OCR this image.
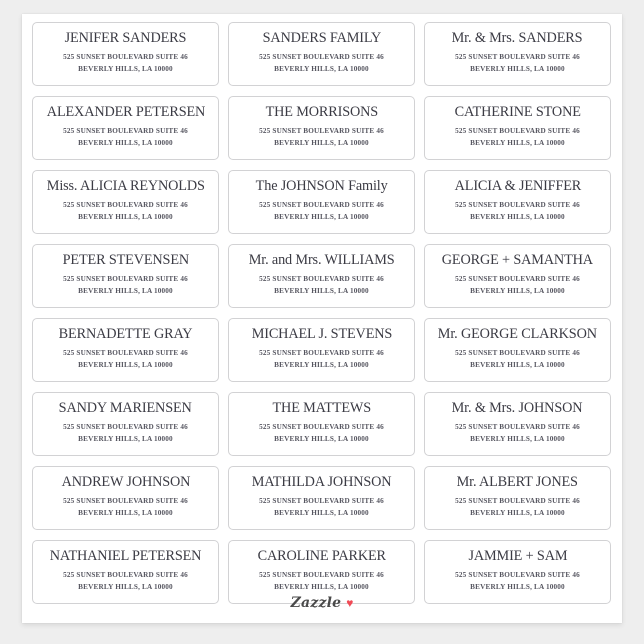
JENIFER SANDERS
525 SUNSET BOULEVARD SUITE 46
BEVERLY HILLS, LA 10000
SANDERS FAMILY
525 SUNSET BOULEVARD SUITE 46
BEVERLY HILLS, LA 10000
Mr. & Mrs. SANDERS
525 SUNSET BOULEVARD SUITE 46
BEVERLY HILLS, LA 10000
ALEXANDER PETERSEN
525 SUNSET BOULEVARD SUITE 46
BEVERLY HILLS, LA 10000
THE MORRISONS
525 SUNSET BOULEVARD SUITE 46
BEVERLY HILLS, LA 10000
CATHERINE STONE
525 SUNSET BOULEVARD SUITE 46
BEVERLY HILLS, LA 10000
Miss. ALICIA REYNOLDS
525 SUNSET BOULEVARD SUITE 46
BEVERLY HILLS, LA 10000
The JOHNSON Family
525 SUNSET BOULEVARD SUITE 46
BEVERLY HILLS, LA 10000
ALICIA & JENIFFER
525 SUNSET BOULEVARD SUITE 46
BEVERLY HILLS, LA 10000
PETER STEVENSEN
525 SUNSET BOULEVARD SUITE 46
BEVERLY HILLS, LA 10000
Mr. and Mrs. WILLIAMS
525 SUNSET BOULEVARD SUITE 46
BEVERLY HILLS, LA 10000
GEORGE + SAMANTHA
525 SUNSET BOULEVARD SUITE 46
BEVERLY HILLS, LA 10000
BERNADETTE GRAY
525 SUNSET BOULEVARD SUITE 46
BEVERLY HILLS, LA 10000
MICHAEL J. STEVENS
525 SUNSET BOULEVARD SUITE 46
BEVERLY HILLS, LA 10000
Mr. GEORGE CLARKSON
525 SUNSET BOULEVARD SUITE 46
BEVERLY HILLS, LA 10000
SANDY MARIENSEN
525 SUNSET BOULEVARD SUITE 46
BEVERLY HILLS, LA 10000
THE MATTEWS
525 SUNSET BOULEVARD SUITE 46
BEVERLY HILLS, LA 10000
Mr. & Mrs. JOHNSON
525 SUNSET BOULEVARD SUITE 46
BEVERLY HILLS, LA 10000
ANDREW JOHNSON
525 SUNSET BOULEVARD SUITE 46
BEVERLY HILLS, LA 10000
MATHILDA JOHNSON
525 SUNSET BOULEVARD SUITE 46
BEVERLY HILLS, LA 10000
Mr. ALBERT JONES
525 SUNSET BOULEVARD SUITE 46
BEVERLY HILLS, LA 10000
NATHANIEL PETERSEN
525 SUNSET BOULEVARD SUITE 46
BEVERLY HILLS, LA 10000
CAROLINE PARKER
525 SUNSET BOULEVARD SUITE 46
BEVERLY HILLS, LA 10000
JAMMIE + SAM
525 SUNSET BOULEVARD SUITE 46
BEVERLY HILLS, LA 10000
Zazzle ♥
